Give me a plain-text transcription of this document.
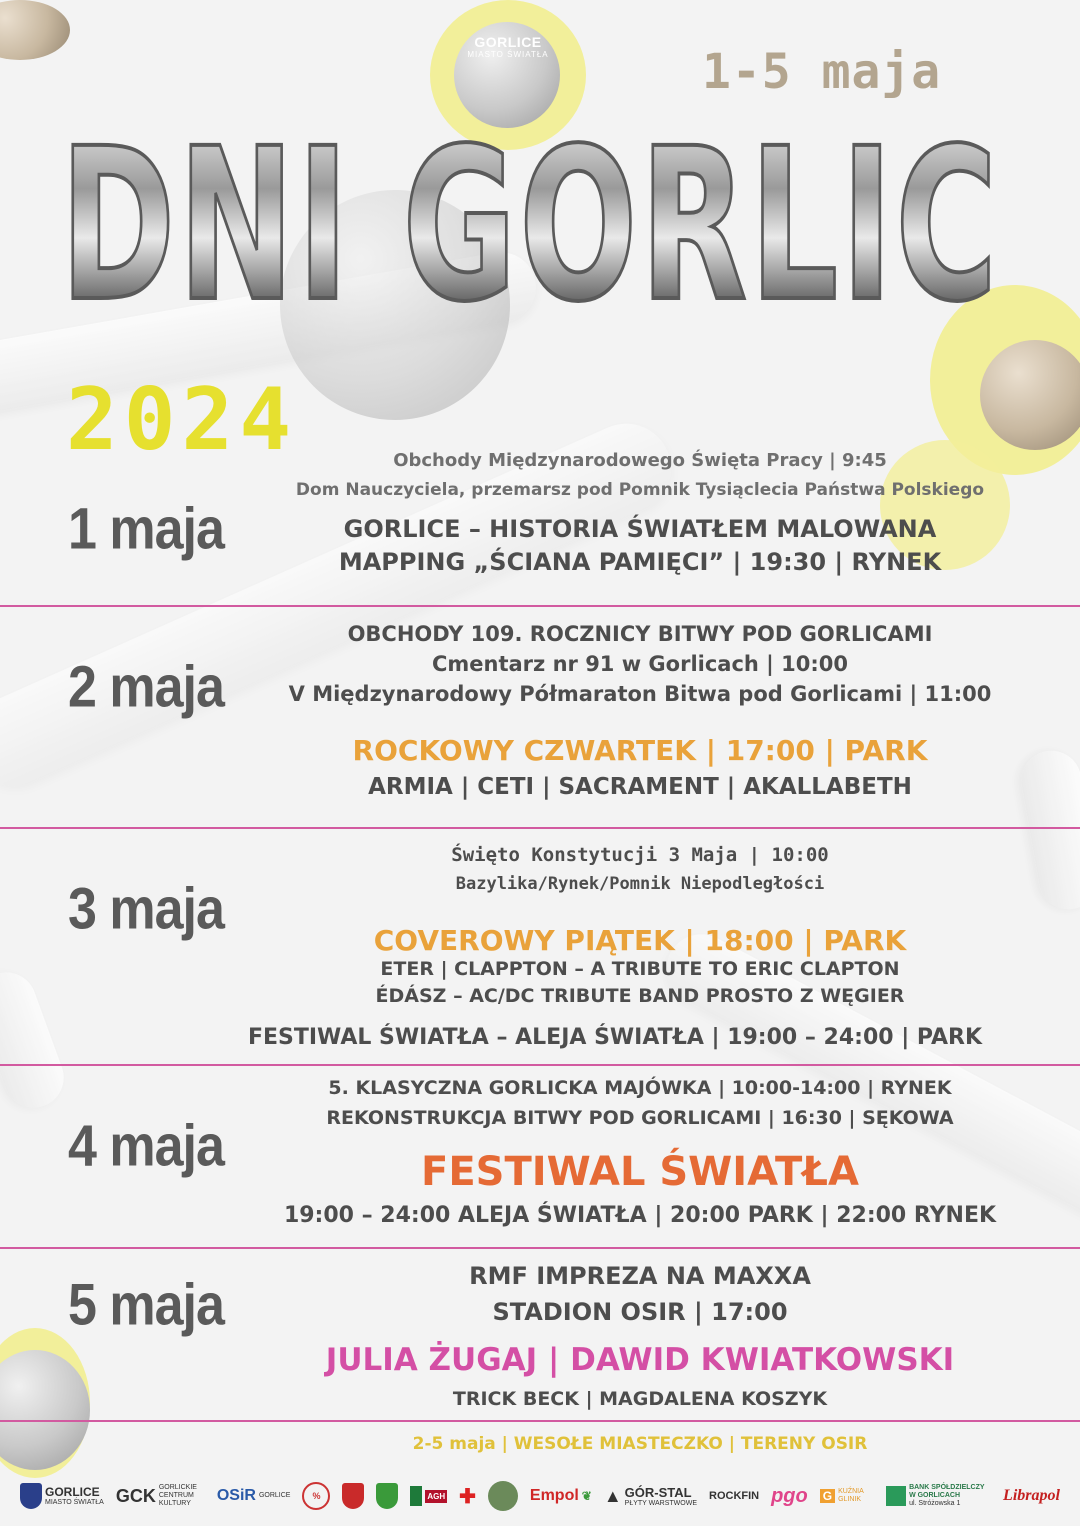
GORLICE
MIASTO ŚWIATŁA	1-5 maja
DNI GORLIC
2024
1 maja
Obchody Międzynarodowego Święta Pracy | 9:45
Dom Nauczyciela, przemarsz pod Pomnik Tysiąclecia Państwa Polskiego
GORLICE – HISTORIA ŚWIATŁEM MALOWANA
MAPPING „ŚCIANA PAMIĘCI” | 19:30 | RYNEK
2 maja
OBCHODY 109. ROCZNICY BITWY POD GORLICAMI
Cmentarz nr 91 w Gorlicach | 10:00
V Międzynarodowy Półmaraton Bitwa pod Gorlicami | 11:00
ROCKOWY CZWARTEK | 17:00 | PARK
ARMIA | CETI | SACRAMENT | AKALLABETH
3 maja
Święto Konstytucji 3 Maja | 10:00
Bazylika/Rynek/Pomnik Niepodległości
COVEROWY PIĄTEK | 18:00 | PARK
ETER | CLAPPTON – A TRIBUTE TO ERIC CLAPTON
ÉDÁSZ – AC/DC TRIBUTE BAND PROSTO Z WĘGIER
FESTIWAL ŚWIATŁA – ALEJA ŚWIATŁA | 19:00 – 24:00 | PARK
4 maja
5. KLASYCZNA GORLICKA MAJÓWKA | 10:00-14:00 | RYNEK
REKONSTRUKCJA BITWY POD GORLICAMI | 16:30 | SĘKOWA
FESTIWAL ŚWIATŁA
19:00 – 24:00 ALEJA ŚWIATŁA | 20:00 PARK | 22:00 RYNEK
5 maja	RMF IMPREZA NA MAXXA
STADION OSIR | 17:00
JULIA ŻUGAJ | DAWID KWIATKOWSKI
TRICK BECK | MAGDALENA KOSZYK
2-5 maja | WESOŁE MIASTECZKO | TERENY OSIR
GORLICE
MIASTO ŚWIATŁA GCK GORLICKIE CENTRUM KULTURY	OSiR GORLICE	%	AGH ✚	Empol ❦ ▲ GÓR-STAL
PŁYTY WARSTWOWE
ROCKFIN pgo G KUŹNIA GLINIK
BANK SPÓŁDZIELCZY W GORLICACH
ul. Stróżowska 1	Librapol
